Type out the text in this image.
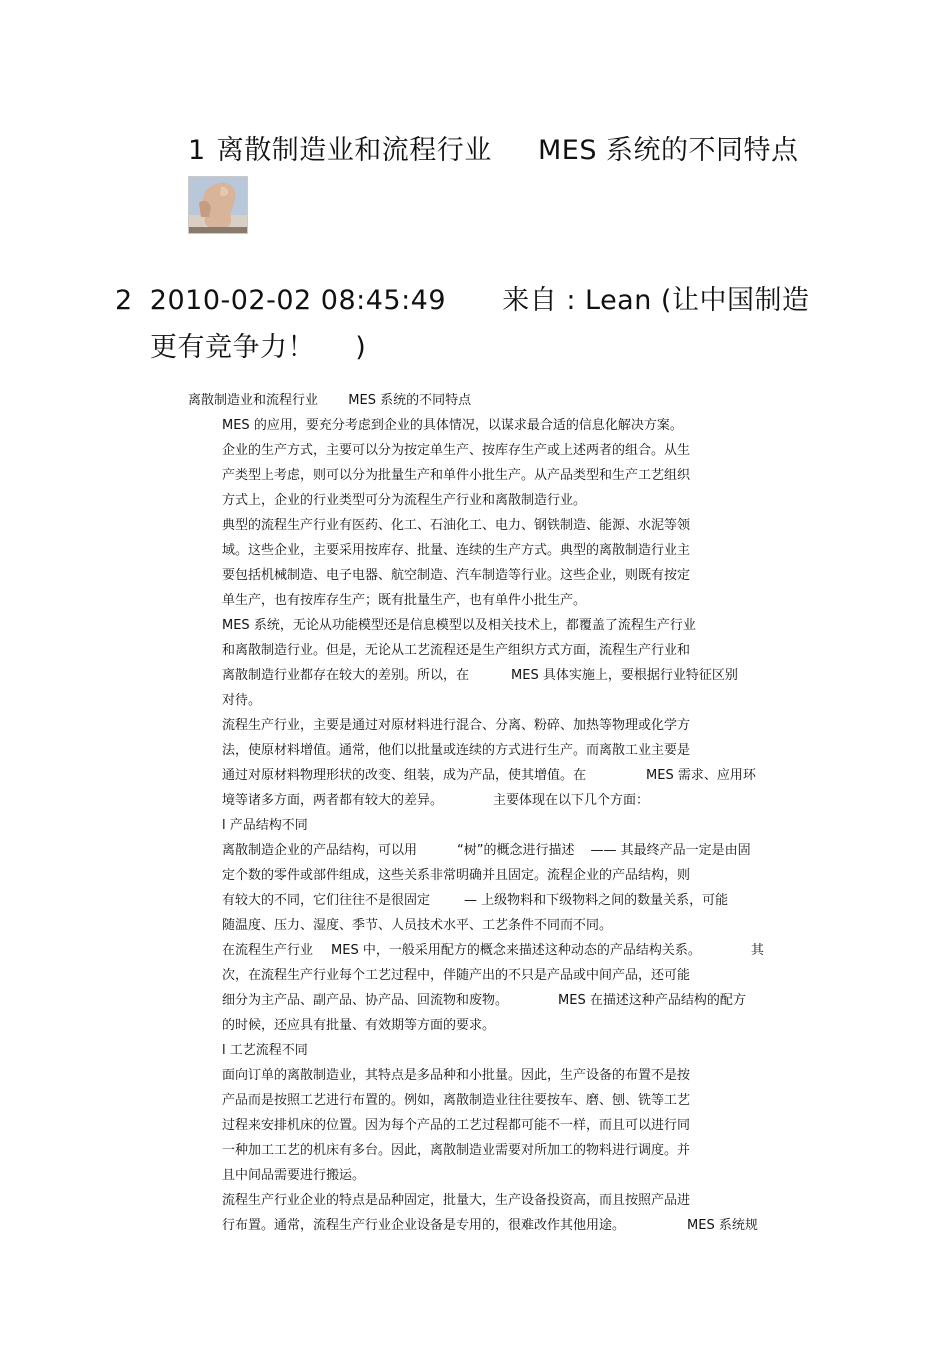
1 离散制造业和流程行业 MES 系统的不同特点
2 2010-02-02 08:45:49 来自 : Lean (让中国制造
更有竞争力！ )
离散制造业和流程行业 MES 系统的不同特点
MES 的应用，要充分考虑到企业的具体情况，以谋求最合适的信息化解决方案。
企业的生产方式，主要可以分为按定单生产、按库存生产或上述两者的组合。从生
产类型上考虑，则可以分为批量生产和单件小批生产。从产品类型和生产工艺组织
方式上，企业的行业类型可分为流程生产行业和离散制造行业。
典型的流程生产行业有医药、化工、石油化工、电力、钢铁制造、能源、水泥等领
域。这些企业，主要采用按库存、批量、连续的生产方式。典型的离散制造行业主
要包括机械制造、电子电器、航空制造、汽车制造等行业。这些企业，则既有按定
单生产，也有按库存生产；既有批量生产，也有单件小批生产。
MES 系统，无论从功能模型还是信息模型以及相关技术上，都覆盖了流程生产行业
和离散制造行业。但是，无论从工艺流程还是生产组织方式方面，流程生产行业和
离散制造行业都存在较大的差别。所以，在	MES 具体实施上，要根据行业特征区别
对待。
流程生产行业，主要是通过对原材料进行混合、分离、粉碎、加热等物理或化学方
法，使原材料增值。通常，他们以批量或连续的方式进行生产。而离散工业主要是
通过对原材料物理形状的改变、组装，成为产品，使其增值。在	MES 需求、应用环
境等诸多方面，两者都有较大的差异。	主要体现在以下几个方面：
l 产品结构不同
离散制造企业的产品结构，可以用	“树”的概念进行描述 —— 其最终产品一定是由固
定个数的零件或部件组成，这些关系非常明确并且固定。流程企业的产品结构，则
有较大的不同，它们往往不是很固定	— 上级物料和下级物料之间的数量关系，可能
随温度、压力、湿度、季节、人员技术水平、工艺条件不同而不同。
在流程生产行业 MES 中，一般采用配方的概念来描述这种动态的产品结构关系。	其
次，在流程生产行业每个工艺过程中，伴随产出的不只是产品或中间产品，还可能
细分为主产品、副产品、协产品、回流物和废物。	MES 在描述这种产品结构的配方
的时候，还应具有批量、有效期等方面的要求。
l 工艺流程不同
面向订单的离散制造业，其特点是多品种和小批量。因此，生产设备的布置不是按
产品而是按照工艺进行布置的。例如，离散制造业往往要按车、磨、刨、铣等工艺
过程来安排机床的位置。因为每个产品的工艺过程都可能不一样，而且可以进行同
一种加工工艺的机床有多台。因此，离散制造业需要对所加工的物料进行调度。并
且中间品需要进行搬运。
流程生产行业企业的特点是品种固定，批量大，生产设备投资高，而且按照产品进
行布置。通常，流程生产行业企业设备是专用的，很难改作其他用途。	MES 系统规
